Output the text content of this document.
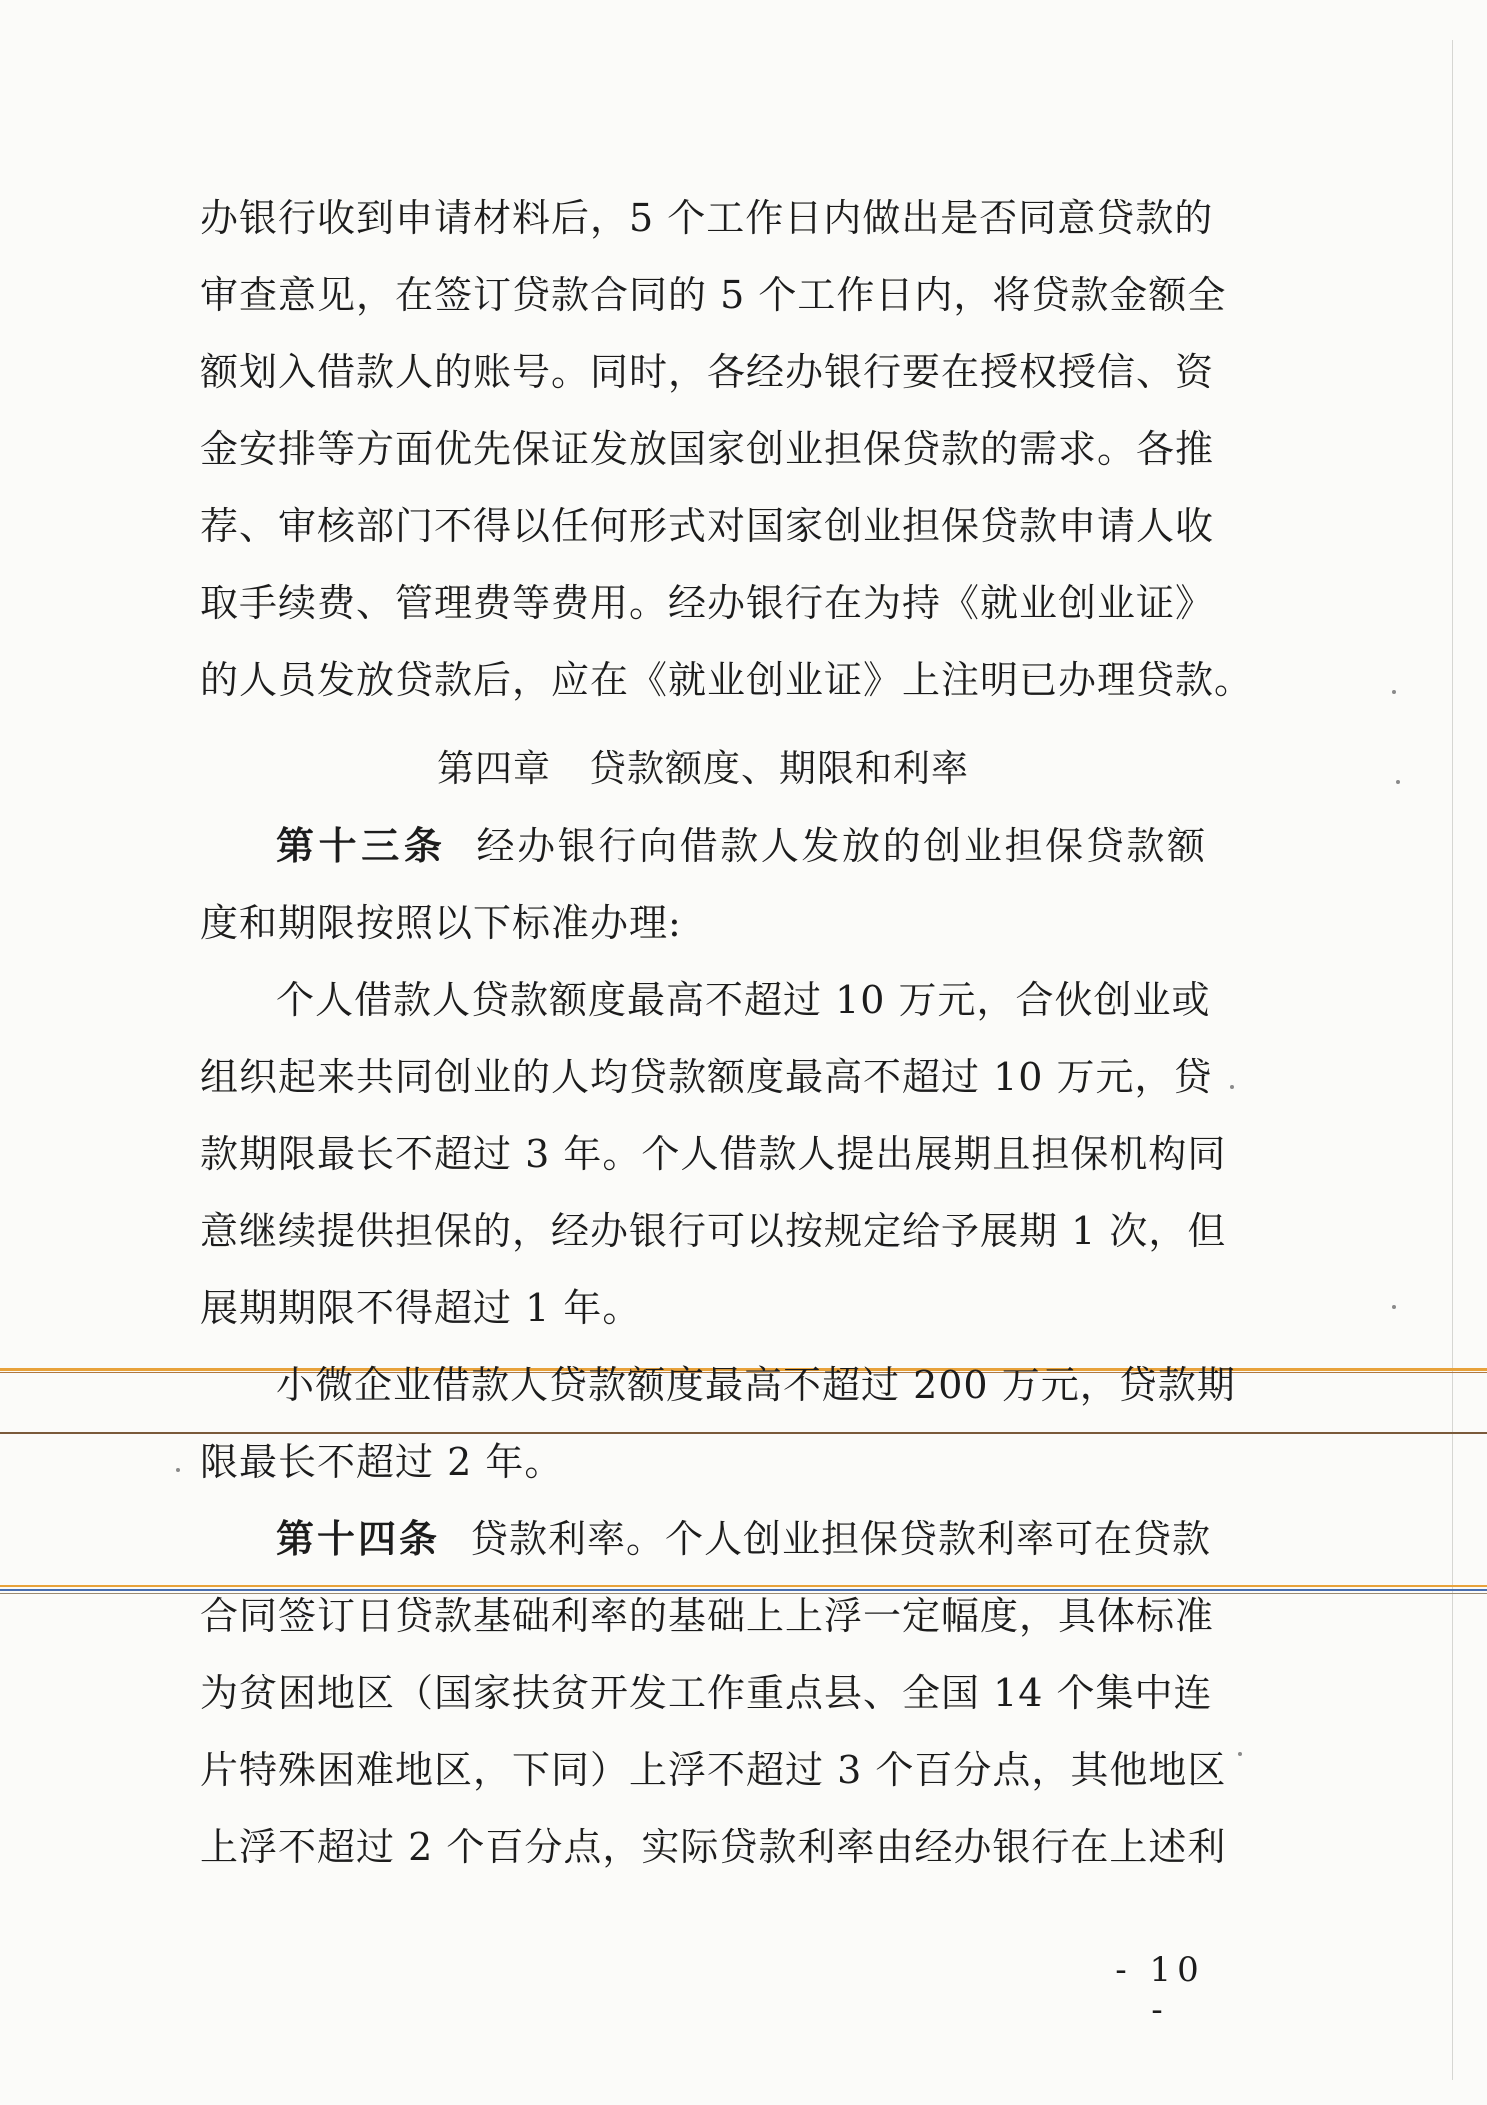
办银行收到申请材料后，5 个工作日内做出是否同意贷款的
审查意见，在签订贷款合同的 5 个工作日内，将贷款金额全
额划入借款人的账号。同时，各经办银行要在授权授信、资
金安排等方面优先保证发放国家创业担保贷款的需求。各推
荐、审核部门不得以任何形式对国家创业担保贷款申请人收
取手续费、管理费等费用。经办银行在为持《就业创业证》
的人员发放贷款后，应在《就业创业证》上注明已办理贷款。
第四章　贷款额度、期限和利率
第十三条 经办银行向借款人发放的创业担保贷款额
度和期限按照以下标准办理:
个人借款人贷款额度最高不超过 10 万元，合伙创业或
组织起来共同创业的人均贷款额度最高不超过 10 万元，贷
款期限最长不超过 3 年。个人借款人提出展期且担保机构同
意继续提供担保的，经办银行可以按规定给予展期 1 次，但
展期期限不得超过 1 年。
小微企业借款人贷款额度最高不超过 200 万元，贷款期
限最长不超过 2 年。
第十四条 贷款利率。个人创业担保贷款利率可在贷款
合同签订日贷款基础利率的基础上上浮一定幅度，具体标准
为贫困地区（国家扶贫开发工作重点县、全国 14 个集中连
片特殊困难地区，下同）上浮不超过 3 个百分点，其他地区
上浮不超过 2 个百分点，实际贷款利率由经办银行在上述利
- 10 -
